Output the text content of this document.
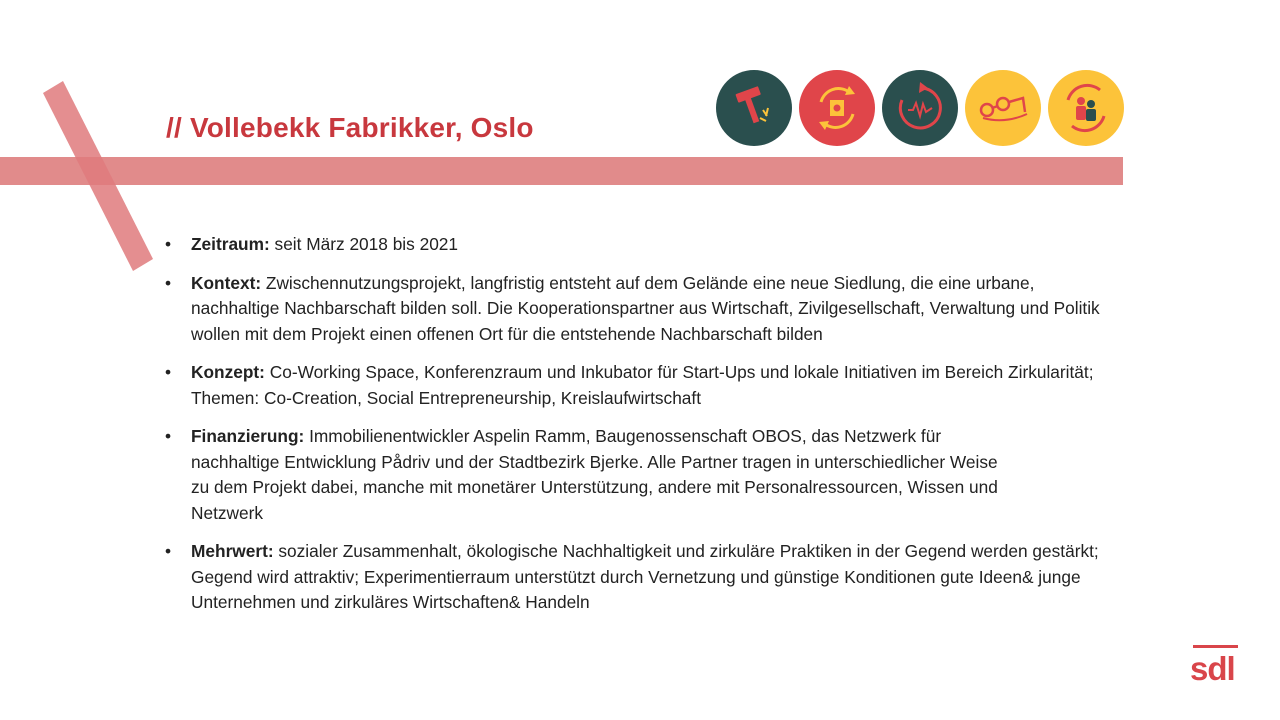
// Vollebekk Fabrikker, Oslo
• Zeitraum: seit März 2018 bis 2021
• Kontext: Zwischennutzungsprojekt, langfristig entsteht auf dem Gelände eine neue Siedlung, die eine urbane, nachhaltige Nachbarschaft bilden soll. Die Kooperationspartner aus Wirtschaft, Zivilgesellschaft, Verwaltung und Politik wollen mit dem Projekt einen offenen Ort für die entstehende Nachbarschaft bilden
• Konzept: Co-Working Space, Konferenzraum und Inkubator für Start-Ups und lokale Initiativen im Bereich Zirkularität; Themen: Co-Creation, Social Entrepreneurship, Kreislaufwirtschaft
• Finanzierung: Immobilienentwickler Aspelin Ramm, Baugenossenschaft OBOS, das Netzwerk für nachhaltige Entwicklung Pådriv und der Stadtbezirk Bjerke. Alle Partner tragen in unterschiedlicher Weise zu dem Projekt dabei, manche mit monetärer Unterstützung, andere mit Personalressourcen, Wissen und Netzwerk
• Mehrwert: sozialer Zusammenhalt, ökologische Nachhaltigkeit und zirkuläre Praktiken in der Gegend werden gestärkt; Gegend wird attraktiv; Experimentierraum unterstützt durch Vernetzung und günstige Konditionen gute Ideen& junge Unternehmen und zirkuläres Wirtschaften& Handeln
sdl
